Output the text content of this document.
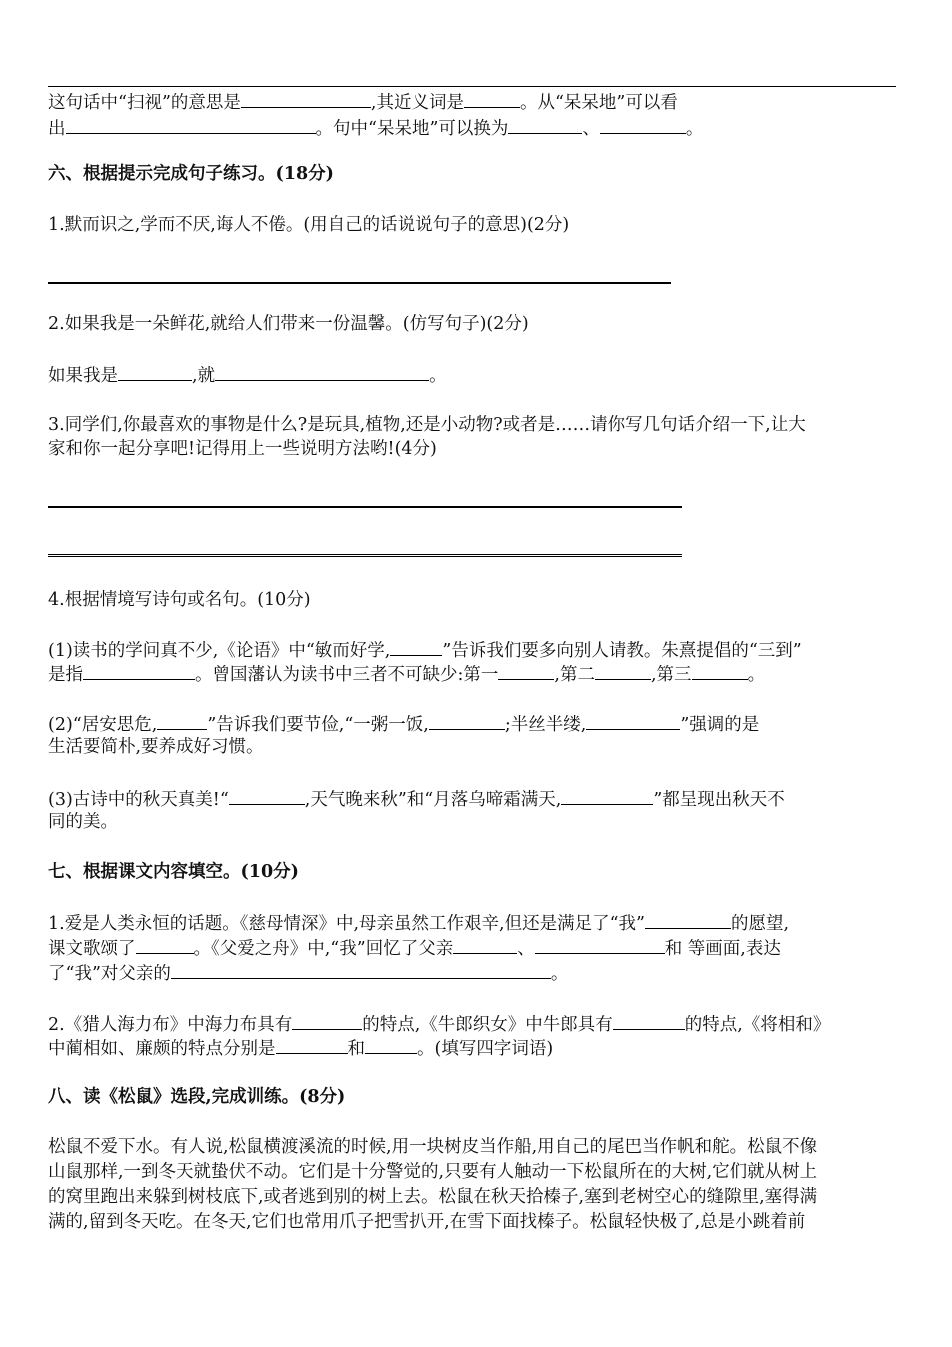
这句话中“扫视”的意思是	,其近义词是	。从“呆呆地”可以看
出	。句中“呆呆地”可以换为	、	。
六、根据提示完成句子练习。(18分)
1.默而识之,学而不厌,诲人不倦。(用自己的话说说句子的意思)(2分)
2.如果我是一朵鲜花,就给人们带来一份温馨。(仿写句子)(2分)
如果我是	,就	。
3.同学们,你最喜欢的事物是什么?是玩具,植物,还是小动物?或者是……请你写几句话介绍一下,让大
家和你一起分享吧!记得用上一些说明方法哟!(4分)
4.根据情境写诗句或名句。(10分)
(1)读书的学问真不少,《论语》中“敏而好学,	”告诉我们要多向别人请教。朱熹提倡的“三到”
是指	。曾国藩认为读书中三者不可缺少:第一	,第二	,第三	。
(2)“居安思危,	”告诉我们要节俭,“一粥一饭,	;半丝半缕,	”强调的是
生活要简朴,要养成好习惯。
(3)古诗中的秋天真美!“	,天气晚来秋”和“月落乌啼霜满天,	”都呈现出秋天不
同的美。
七、根据课文内容填空。(10分)
1.爱是人类永恒的话题。《慈母情深》中,母亲虽然工作艰辛,但还是满足了“我”	的愿望,
课文歌颂了	。《父爱之舟》中,“我”回忆了父亲	、	和 等画面,表达
了“我”对父亲的	。
2.《猎人海力布》中海力布具有	的特点,《牛郎织女》中牛郎具有	的特点,《将相和》
中蔺相如、廉颇的特点分别是	和	。(填写四字词语)
八、读《松鼠》选段,完成训练。(8分)
松鼠不爱下水。有人说,松鼠横渡溪流的时候,用一块树皮当作船,用自己的尾巴当作帆和舵。松鼠不像
山鼠那样,一到冬天就蛰伏不动。它们是十分警觉的,只要有人触动一下松鼠所在的大树,它们就从树上
的窝里跑出来躲到树枝底下,或者逃到别的树上去。松鼠在秋天拾榛子,塞到老树空心的缝隙里,塞得满
满的,留到冬天吃。在冬天,它们也常用爪子把雪扒开,在雪下面找榛子。松鼠轻快极了,总是小跳着前
